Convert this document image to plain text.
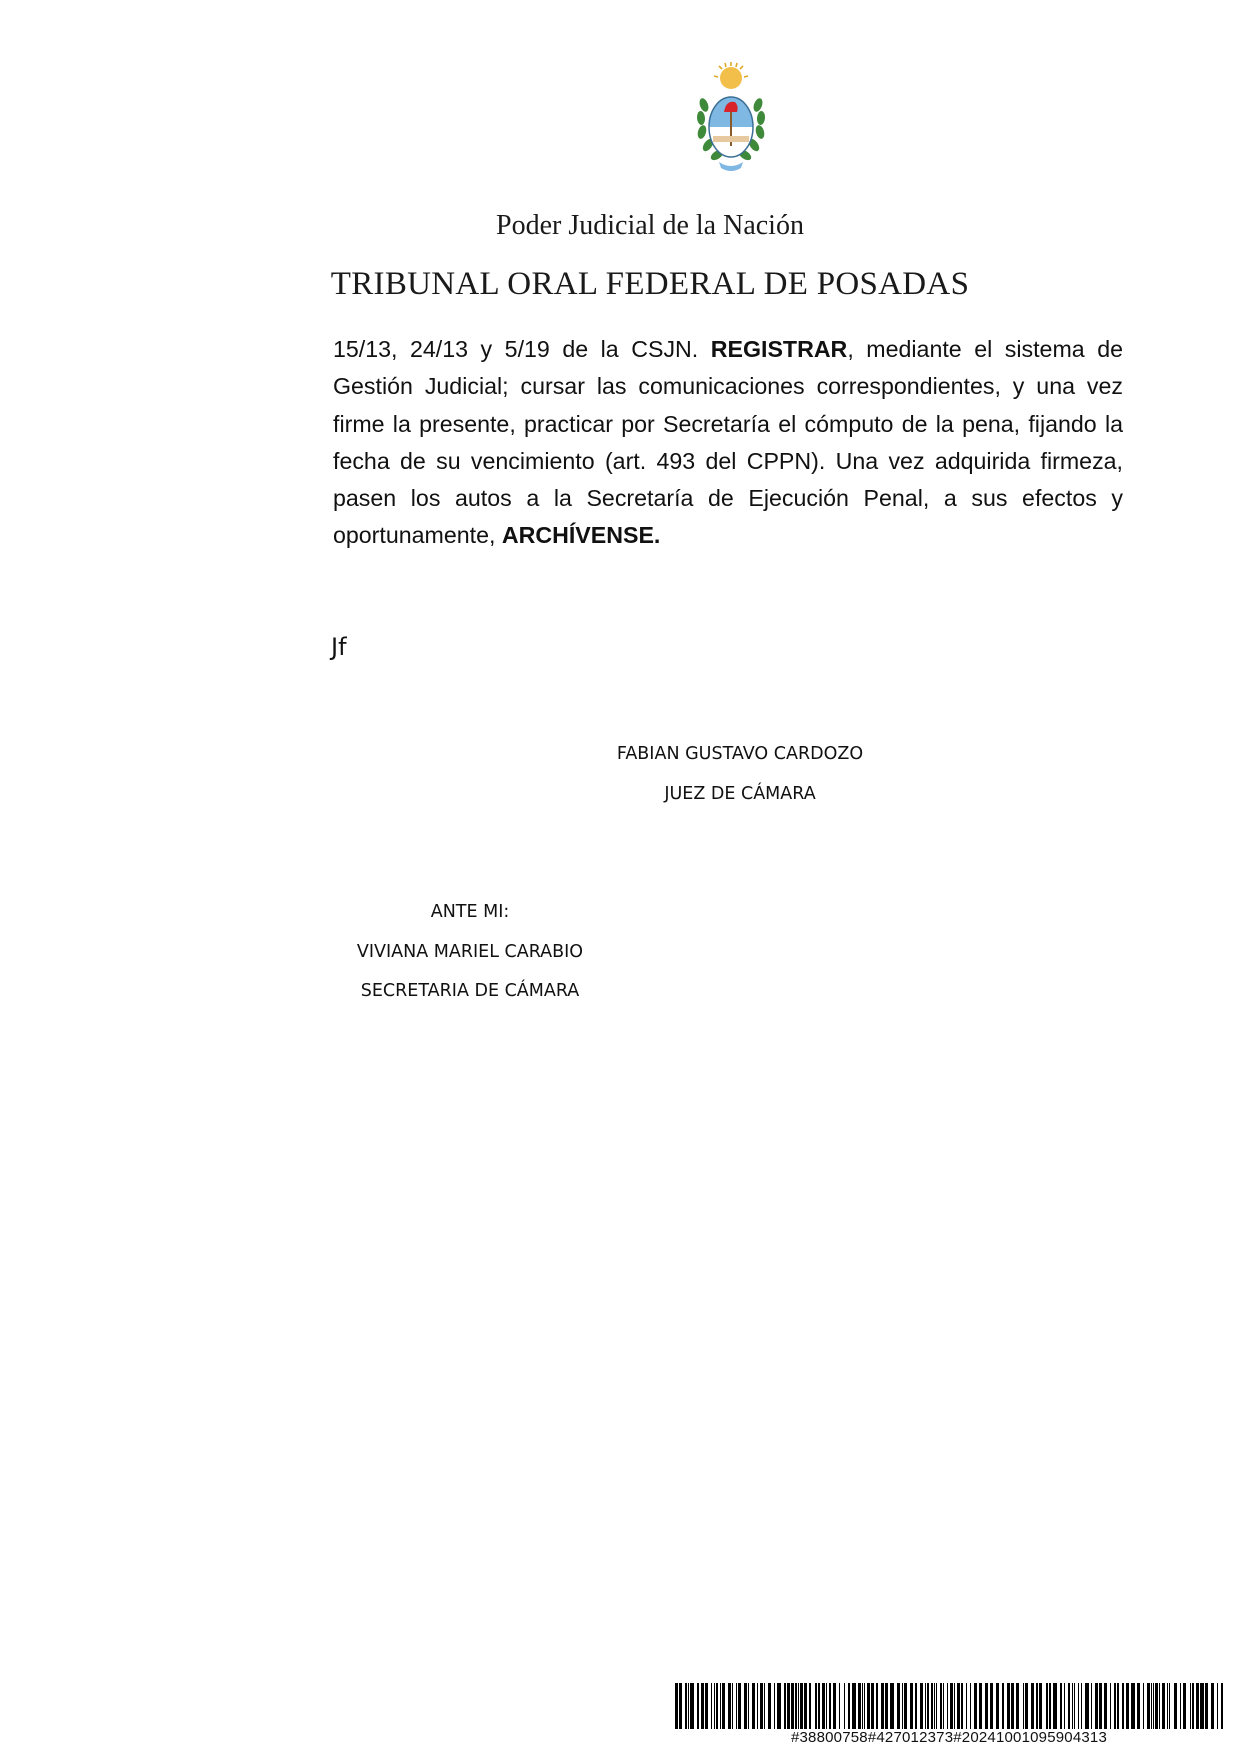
Poder Judicial de la Nación
TRIBUNAL ORAL FEDERAL DE POSADAS

15/13, 24/13 y 5/19 de la CSJN. REGISTRAR, mediante el sistema de Gestión Judicial; cursar las comunicaciones correspondientes, y una vez firme la presente, practicar por Secretaría el cómputo de la pena, fijando la fecha de su vencimiento (art. 493 del CPPN). Una vez adquirida firmeza, pasen los autos a la Secretaría de Ejecución Penal, a sus efectos y oportunamente, ARCHÍVENSE.

Jf
FABIAN GUSTAVO CARDOZO
JUEZ DE CÁMARA
ANTE MI:
VIVIANA MARIEL CARABIO
SECRETARIA DE CÁMARA
#38800758#427012373#20241001095904313
